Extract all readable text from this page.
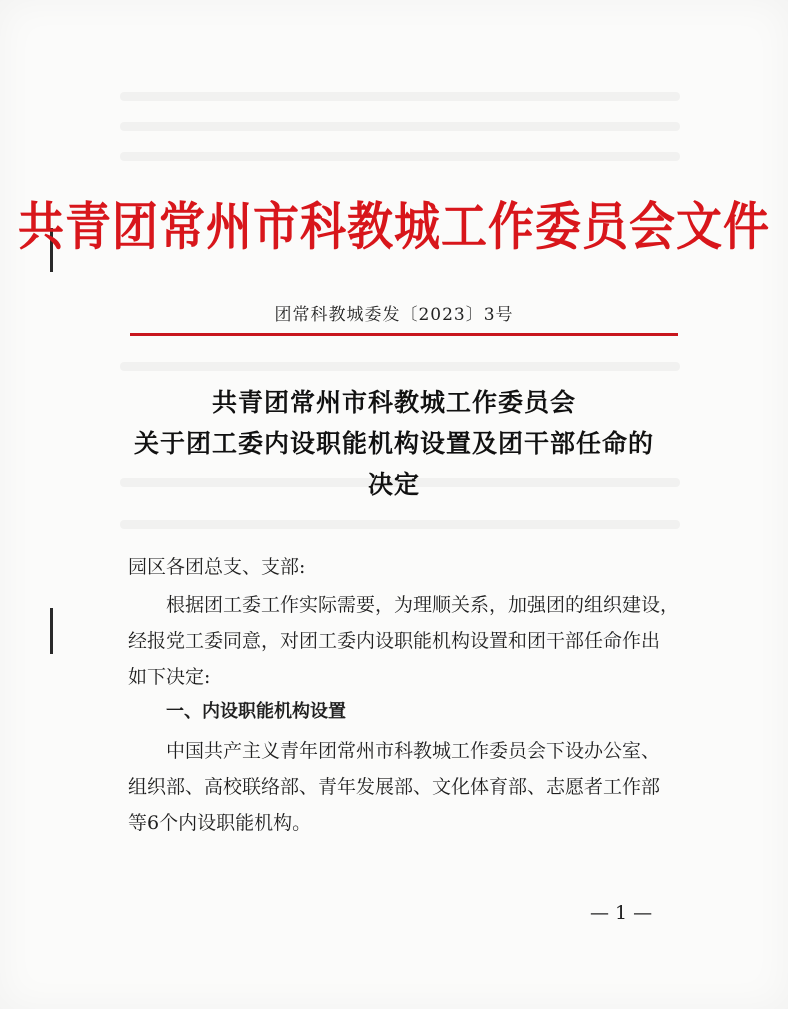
共青团常州市科教城工作委员会文件
团常科教城委发〔2023〕3号
共青团常州市科教城工作委员会
关于团工委内设职能机构设置及团干部任命的
决定
园区各团总支、支部:
根据团工委工作实际需要，为理顺关系，加强团的组织建设，
经报党工委同意，对团工委内设职能机构设置和团干部任命作出
如下决定:
一、内设职能机构设置
中国共产主义青年团常州市科教城工作委员会下设办公室、
组织部、高校联络部、青年发展部、文化体育部、志愿者工作部
等6个内设职能机构。
— 1 —
